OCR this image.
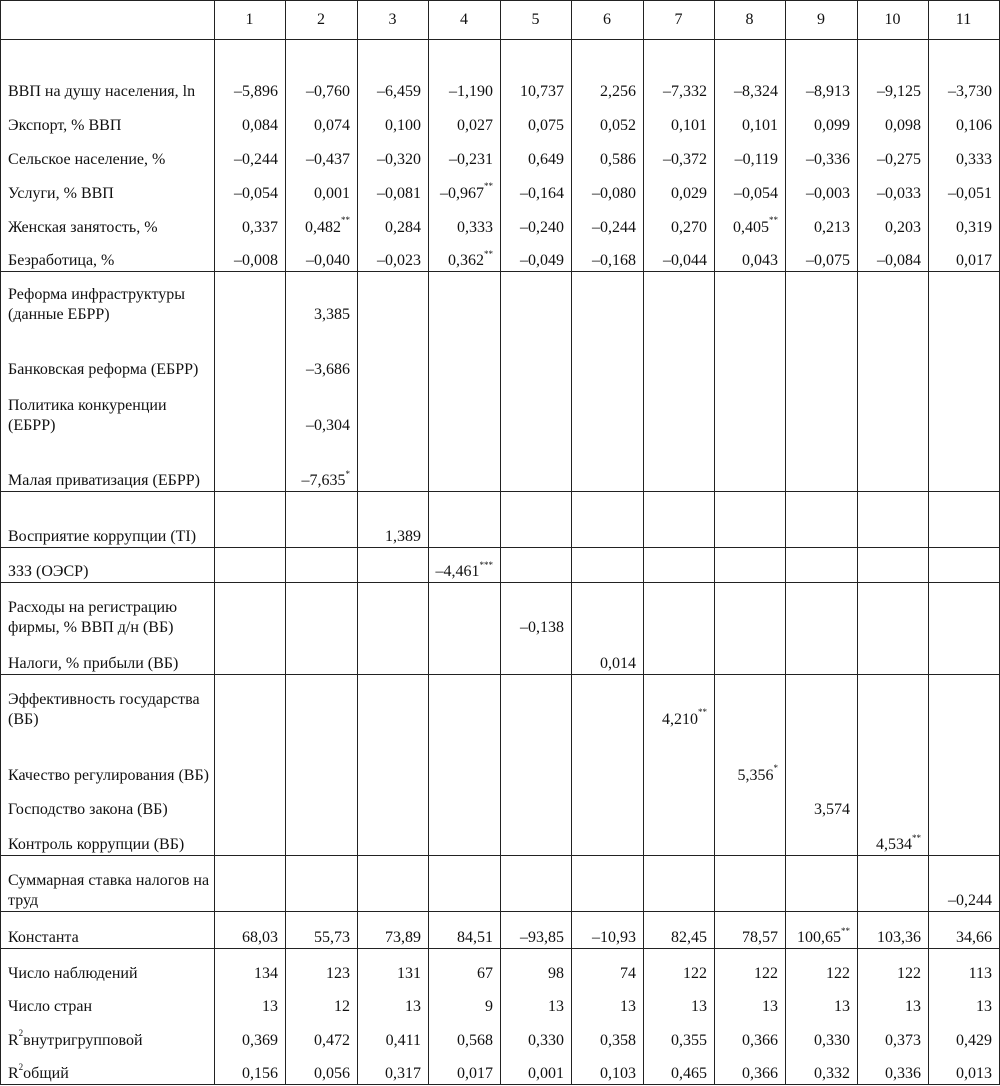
	1	2	3	4	5	6	7	8	9	10	11
ВВП на душу населения, ln	–5,896	–0,760	–6,459	–1,190	10,737	2,256	–7,332	–8,324	–8,913	–9,125	–3,730
Экспорт, % ВВП	0,084	0,074	0,100	0,027	0,075	0,052	0,101	0,101	0,099	0,098	0,106
Сельское население, %	–0,244	–0,437	–0,320	–0,231	0,649	0,586	–0,372	–0,119	–0,336	–0,275	0,333
Услуги, % ВВП	–0,054	0,001	–0,081	–0,967**	–0,164	–0,080	0,029	–0,054	–0,003	–0,033	–0,051
Женская занятость, %	0,337	0,482**	0,284	0,333	–0,240	–0,244	0,270	0,405**	0,213	0,203	0,319
Безработица, %	–0,008	–0,040	–0,023	0,362**	–0,049	–0,168	–0,044	0,043	–0,075	–0,084	0,017
Реформа инфраструктуры (данные ЕБРР)		3,385									
Банковская реформа (ЕБРР)		–3,686									
Политика конкуренции (ЕБРР)		–0,304									
Малая приватизация (ЕБРР)		–7,635*									
Восприятие коррупции (TI)			1,389								
ЗЗЗ (ОЭСР)				–4,461***							
Расходы на регистрацию фирмы, % ВВП д/н (ВБ)					–0,138						
Налоги, % прибыли (ВБ)						0,014					
Эффективность государства (ВБ)							4,210**				
Качество регулирования (ВБ)								5,356*			
Господство закона (ВБ)									3,574		
Контроль коррупции (ВБ)										4,534**	
Суммарная ставка налогов на труд											–0,244
Константа	68,03	55,73	73,89	84,51	–93,85	–10,93	82,45	78,57	100,65**	103,36	34,66
Число наблюдений	134	123	131	67	98	74	122	122	122	122	113
Число стран	13	12	13	9	13	13	13	13	13	13	13
$R^2внутригрупповой$	0,369	0,472	0,411	0,568	0,330	0,358	0,355	0,366	0,330	0,373	0,429
$R^2общий$	0,156	0,056	0,317	0,017	0,001	0,103	0,465	0,366	0,332	0,336	0,013
